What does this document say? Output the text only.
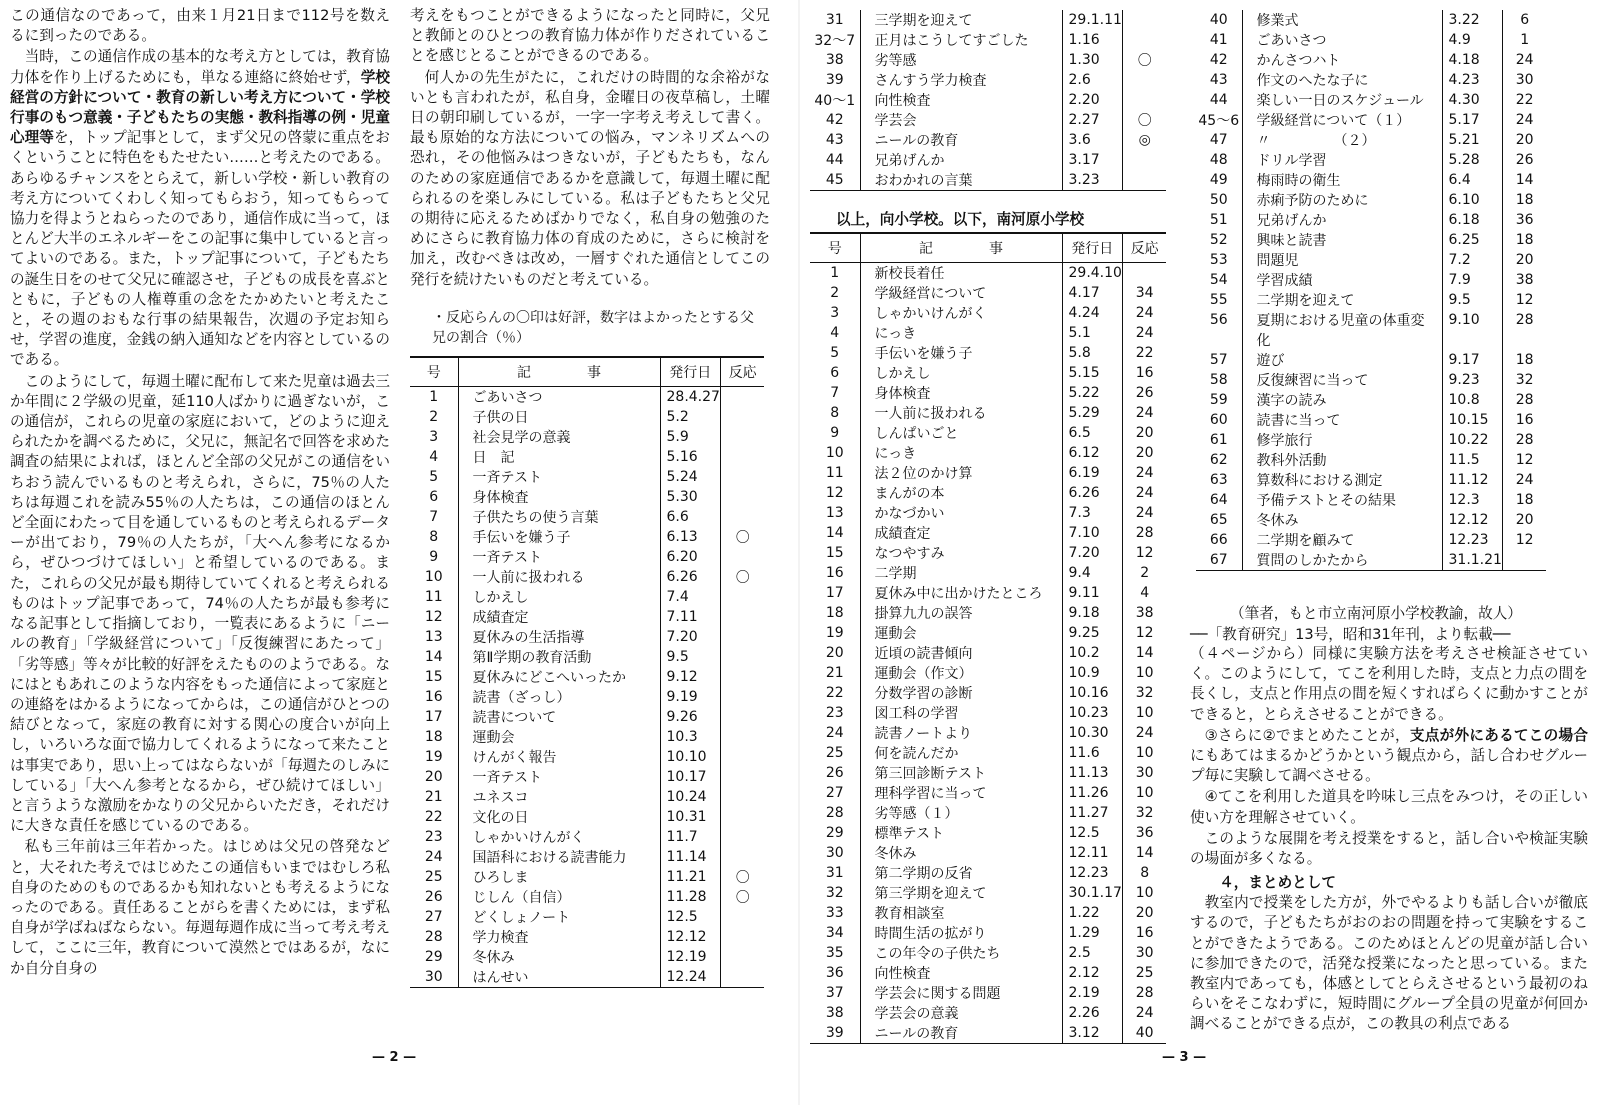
この通信なのであって，由来１月21日まで112号を数えるに到ったのである。

当時，この通信作成の基本的な考え方としては，教育協力体を作り上げるためにも，単なる連絡に終始せず，学校経営の方針について・教育の新しい考え方について・学校行事のもつ意義・子どもたちの実態・教科指導の例・児童心理等を，トップ記事として，まず父兄の啓蒙に重点をおくということに特色をもたせたい……と考えたのである。あらゆるチャンスをとらえて，新しい学校・新しい教育の考え方についてくわしく知ってもらおう，知ってもらって協力を得ようとねらったのであり，通信作成に当って，ほとんど大半のエネルギーをこの記事に集中していると言ってよいのである。また，トップ記事について，子どもたちの誕生日をのせて父兄に確認させ，子どもの成長を喜ぶとともに，子どもの人権尊重の念をたかめたいと考えたこと，その週のおもな行事の結果報告，次週の予定お知らせ，学習の進度，金銭の納入通知などを内容としているのである。

このようにして，毎週土曜に配布して来た児童は過去三か年間に２学級の児童，延110人ばかりに過ぎないが，この通信が，これらの児童の家庭において，どのように迎えられたかを調べるために，父兄に，無記名で回答を求めた調査の結果によれば，ほとんど全部の父兄がこの通信をいちおう読んでいるものと考えられ，さらに，75％の人たちは毎週これを読み55％の人たちは，この通信のほとんど全面にわたって目を通しているものと考えられるデーターが出ており，79％の人たちが，「大へん参考になるから，ぜひつづけてほしい」と希望しているのである。また，これらの父兄が最も期待していてくれると考えられるものはトップ記事であって，74％の人たちが最も参考になる記事として指摘しており，一覧表にあるように「ニールの教育」「学級経営について」「反復練習にあたって」「劣等感」等々が比較的好評をえたもののようである。なにはともあれこのような内容をもった通信によって家庭との連絡をはかるようになってからは，この通信がひとつの結びとなって，家庭の教育に対する関心の度合いが向上し，いろいろな面で協力してくれるようになって来たことは事実であり，思い上ってはならないが「毎週たのしみにしている」「大へん参考となるから，ぜひ続けてほしい」と言うような激励をかなりの父兄からいただき，それだけに大きな責任を感じているのである。

私も三年前は三年若かった。はじめは父兄の啓発などと，大それた考えではじめたこの通信もいまではむしろ私自身のためのものであるかも知れないとも考えるようになったのである。責任あることがらを書くためには，まず私自身が学ばねばならない。毎週毎週作成に当って考え考えして，ここに三年，教育について漠然とではあるが，なにか自分自身の

考えをもつことができるようになったと同時に，父兄と教師とのひとつの教育協力体が作りだされていることを感じとることができるのである。

何人かの先生がたに，これだけの時間的な余裕がないとも言われたが，私自身，金曜日の夜草稿し，土曜日の朝印刷しているが，一字一字考え考えして書く。最も原始的な方法についての悩み，マンネリズムへの恐れ，その他悩みはつきないが，子どもたちも，なんのための家庭通信であるかを意識して，毎週土曜に配られるのを楽しみにしている。私は子どもたちと父兄の期待に応えるためばかりでなく，私自身の勉強のためにさらに教育協力体の育成のために，さらに検討を加え，改むべきは改め，一層すぐれた通信としてこの発行を続けたいものだと考えている。

・反応らんの〇印は好評，数字はよかったとする父兄の割合（％）
号	記　　　　事	発行日	反応
1	ごあいさつ	28.4.27	
2	子供の日	5.2	
3	社会見学の意義	5.9	
4	日　記	5.16	
5	一斉テスト	5.24	
6	身体検査	5.30	
7	子供たちの使う言葉	6.6	
8	手伝いを嫌う子	6.13	〇
9	一斉テスト	6.20	
10	一人前に扱われる	6.26	〇
11	しかえし	7.4	
12	成績査定	7.11	
13	夏休みの生活指導	7.20	
14	第Ⅱ学期の教育活動	9.5	
15	夏休みにどこへいったか	9.12	
16	読書（ざっし）	9.19	
17	読書について	9.26	
18	運動会	10.3	
19	けんがく報告	10.10	
20	一斉テスト	10.17	
21	ユネスコ	10.24	
22	文化の日	10.31	
23	しゃかいけんがく	11.7	
24	国語科における読書能力	11.14	
25	ひろしま	11.21	〇
26	じしん（自信）	11.28	〇
27	どくしょノート	12.5	
28	学力検査	12.12	
29	冬休み	12.19	
30	はんせい	12.24	
— 2 —
31	三学期を迎えて	29.1.11	
32〜7	正月はこうしてすごした	1.16	
38	劣等感	1.30	〇
39	さんすう学力検査	2.6	
40〜1	向性検査	2.20	
42	学芸会	2.27	〇
43	ニールの教育	3.6	◎
44	兄弟げんか	3.17	
45	おわかれの言葉	3.23	
以上，向小学校。以下，南河原小学校
号	記　　　　事	発行日	反応
1	新校長着任	29.4.10	
2	学級経営について	4.17	34
3	しゃかいけんがく	4.24	24
4	にっき	5.1	24
5	手伝いを嫌う子	5.8	22
6	しかえし	5.15	16
7	身体検査	5.22	26
8	一人前に扱われる	5.29	24
9	しんぱいごと	6.5	20
10	にっき	6.12	20
11	法２位のかけ算	6.19	24
12	まんがの本	6.26	24
13	かなづかい	7.3	24
14	成績査定	7.10	28
15	なつやすみ	7.20	12
16	二学期	9.4	2
17	夏休み中に出かけたところ	9.11	4
18	掛算九九の誤答	9.18	38
19	運動会	9.25	12
20	近頃の読書傾向	10.2	14
21	運動会（作文）	10.9	10
22	分数学習の診断	10.16	32
23	図工科の学習	10.23	10
24	読書ノートより	10.30	24
25	何を読んだか	11.6	10
26	第三回診断テスト	11.13	30
27	理科学習に当って	11.26	10
28	劣等感（１）	11.27	32
29	標準テスト	12.5	36
30	冬休み	12.11	14
31	第二学期の反省	12.23	8
32	第三学期を迎えて	30.1.17	10
33	教育相談室	1.22	20
34	時間生活の拡がり	1.29	16
35	この年令の子供たち	2.5	30
36	向性検査	2.12	25
37	学芸会に関する問題	2.19	28
38	学芸会の意義	2.26	24
39	ニールの教育	3.12	40
40	修業式	3.22	6
41	ごあいさつ	4.9	1
42	かんさつハト	4.18	24
43	作文のへたな子に	4.23	30
44	楽しい一日のスケジュール	4.30	22
45〜6	学級経営について（１）	5.17	24
47	〃　　　　　（２）	5.21	20
48	ドリル学習	5.28	26
49	梅雨時の衛生	6.4	14
50	赤痢予防のために	6.10	18
51	兄弟げんか	6.18	36
52	興味と読書	6.25	18
53	問題児	7.2	20
54	学習成績	7.9	38
55	二学期を迎えて	9.5	12
56	夏期における児童の体重変	9.10	28
	化		
57	遊び	9.17	18
58	反復練習に当って	9.23	32
59	漢字の読み	10.8	28
60	読書に当って	10.15	16
61	修学旅行	10.22	28
62	教科外活動	11.5	12
63	算数科における測定	11.12	24
64	予備テストとその結果	12.3	18
65	冬休み	12.12	20
66	二学期を顧みて	12.23	12
67	質問のしかたから	31.1.21	
（筆者，もと市立南河原小学校教諭，故人）
──「教育研究」13号，昭和31年刊，より転載──

（４ページから）同様に実験方法を考えさせ検証させていく。このようにして，てこを利用した時，支点と力点の間を長くし，支点と作用点の間を短くすればらくに動かすことができると，とらえさせることができる。

③さらに②でまとめたことが，支点が外にあるてこの場合にもあてはまるかどうかという観点から，話し合わせグループ毎に実験して調べさせる。

④てこを利用した道具を吟味し三点をみつけ，その正しい使い方を理解させていく。

このような展開を考え授業をすると，話し合いや検証実験の場面が多くなる。

４，まとめとして

教室内で授業をした方が，外でやるよりも話し合いが徹底するので，子どもたちがおのおの問題を持って実験をすることができたようである。このためほとんどの児童が話し合いに参加できたので，活発な授業になったと思っている。また教室内であっても，体感としてとらえさせるという最初のねらいをそこなわずに，短時間にグループ全員の児童が何回か調べることができる点が，この教具の利点である

— 3 —
